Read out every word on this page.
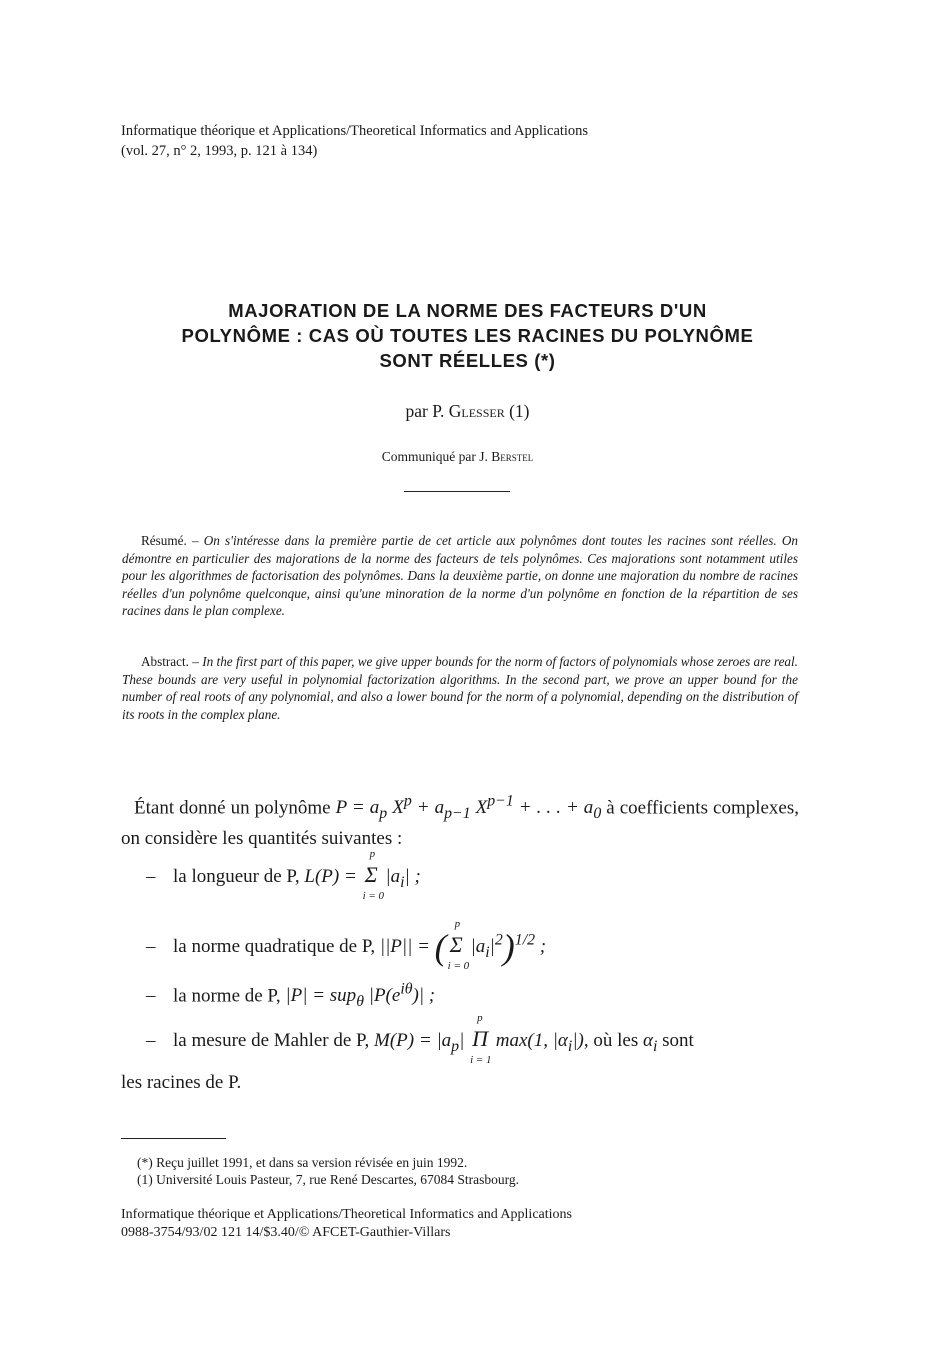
Informatique théorique et Applications/Theoretical Informatics and Applications
(vol. 27, n° 2, 1993, p. 121 à 134)
MAJORATION DE LA NORME DES FACTEURS D'UN
POLYNÔME : CAS OÙ TOUTES LES RACINES DU POLYNÔME
SONT RÉELLES (*)
par P. Glesser (1)
Communiqué par J. Berstel
Résumé. – On s'intéresse dans la première partie de cet article aux polynômes dont toutes les racines sont réelles. On démontre en particulier des majorations de la norme des facteurs de tels polynômes. Ces majorations sont notamment utiles pour les algorithmes de factorisation des polynômes. Dans la deuxième partie, on donne une majoration du nombre de racines réelles d'un polynôme quelconque, ainsi qu'une minoration de la norme d'un polynôme en fonction de la répartition de ses racines dans le plan complexe.
Abstract. – In the first part of this paper, we give upper bounds for the norm of factors of polynomials whose zeroes are real. These bounds are very useful in polynomial factorization algorithms. In the second part, we prove an upper bound for the number of real roots of any polynomial, and also a lower bound for the norm of a polynomial, depending on the distribution of its roots in the complex plane.
Étant donné un polynôme $P = a_p$ $X^p + a_{p-1}$ $X^{p-1}$ + . . . + $a_0$ à coefficients complexes, on considère les quantités suivantes :
– la longueur de P, L(P) = Σ
p
i = 0
$|a_i|$ ;
– la norme quadratique de P, ||P|| = ( Σ
p
i = 0
$|a_i|^2)^{1/2}$ ;
– la norme de P, |P| = sup$_\theta$ $|P(e^{i\theta})|$ ;
– la mesure de Mahler de P, $M(P) = |a_p|$ Π
p
i = 1
max(1, $|\alpha_i|$), où les $\alpha_i$ sont
les racines de P.
(*) Reçu juillet 1991, et dans sa version révisée en juin 1992.
(1) Université Louis Pasteur, 7, rue René Descartes, 67084 Strasbourg.
Informatique théorique et Applications/Theoretical Informatics and Applications
0988-3754/93/02 121 14/$3.40/© AFCET-Gauthier-Villars
